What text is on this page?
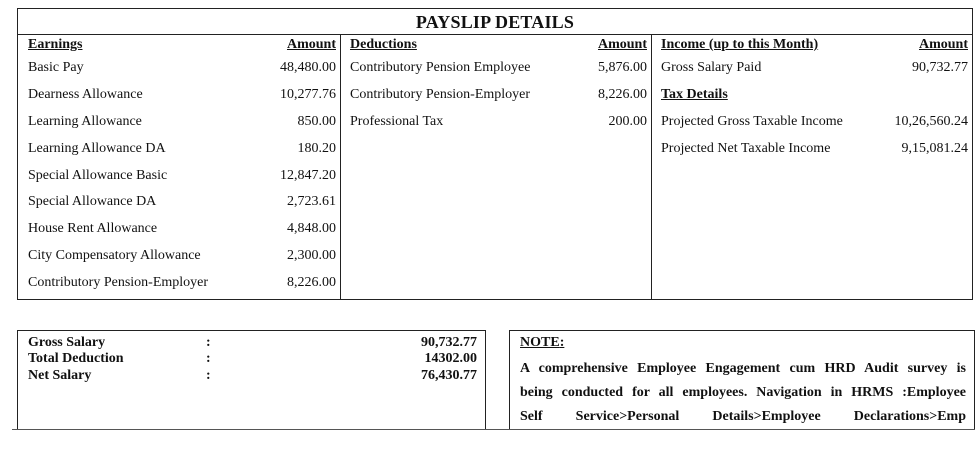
PAYSLIP DETAILS
Earnings	Amount
Basic Pay	48,480.00
Dearness Allowance	10,277.76
Learning Allowance	850.00
Learning Allowance DA	180.20
Special Allowance Basic	12,847.20
Special Allowance DA	2,723.61
House Rent Allowance	4,848.00
City Compensatory Allowance	2,300.00
Contributory Pension-Employer	8,226.00
Deductions	Amount
Contributory Pension Employee	5,876.00
Contributory Pension-Employer	8,226.00
Professional Tax	200.00
Income (up to this Month)	Amount
Gross Salary Paid	90,732.77
Tax Details
Projected Gross Taxable Income	10,26,560.24
Projected Net Taxable Income	9,15,081.24
Gross Salary	:	90,732.77
Total Deduction	:	14302.00
Net Salary	:	76,430.77
NOTE:
A comprehensive Employee Engagement cum HRD Audit survey is
being conducted for all employees. Navigation in HRMS :Employee
Self Service>Personal Details>Employee Declarations>Emp
